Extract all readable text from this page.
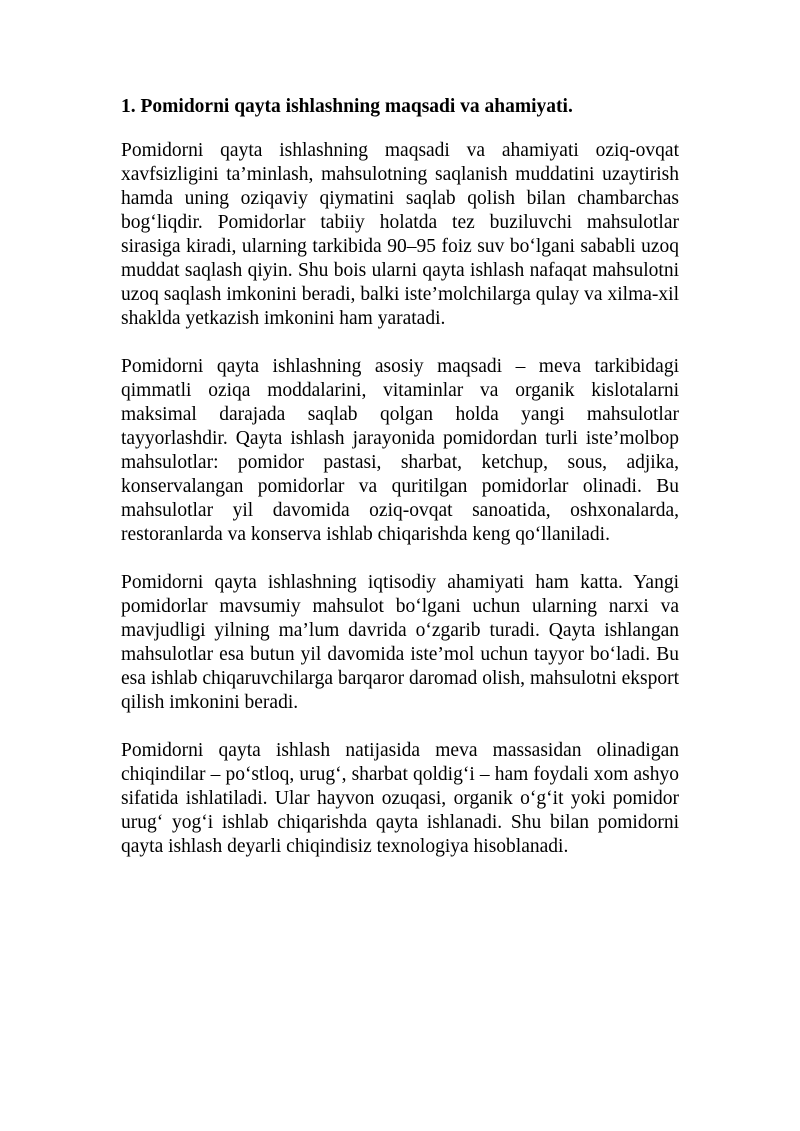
1. Pomidorni qayta ishlashning maqsadi va ahamiyati.

Pomidorni qayta ishlashning maqsadi va ahamiyati oziq-ovqat xavfsizligini ta’minlash, mahsulotning saqlanish muddatini uzaytirish hamda uning oziqaviy qiymatini saqlab qolish bilan chambarchas bog‘liqdir. Pomidorlar tabiiy holatda tez buziluvchi mahsulotlar sirasiga kiradi, ularning tarkibida 90–95 foiz suv bo‘lgani sababli uzoq muddat saqlash qiyin. Shu bois ularni qayta ishlash nafaqat mahsulotni uzoq saqlash imkonini beradi, balki iste’molchilarga qulay va xilma-xil shaklda yetkazish imkonini ham yaratadi.

Pomidorni qayta ishlashning asosiy maqsadi – meva tarkibidagi qimmatli oziqa moddalarini, vitaminlar va organik kislotalarni maksimal darajada saqlab qolgan holda yangi mahsulotlar tayyorlashdir. Qayta ishlash jarayonida pomidordan turli iste’molbop mahsulotlar: pomidor pastasi, sharbat, ketchup, sous, adjika, konservalangan pomidorlar va quritilgan pomidorlar olinadi. Bu mahsulotlar yil davomida oziq-ovqat sanoatida, oshxonalarda, restoranlarda va konserva ishlab chiqarishda keng qo‘llaniladi.

Pomidorni qayta ishlashning iqtisodiy ahamiyati ham katta. Yangi pomidorlar mavsumiy mahsulot bo‘lgani uchun ularning narxi va mavjudligi yilning ma’lum davrida o‘zgarib turadi. Qayta ishlangan mahsulotlar esa butun yil davomida iste’mol uchun tayyor bo‘ladi. Bu esa ishlab chiqaruvchilarga barqaror daromad olish, mahsulotni eksport qilish imkonini beradi.

Pomidorni qayta ishlash natijasida meva massasidan olinadigan chiqindilar – po‘stloq, urug‘, sharbat qoldig‘i – ham foydali xom ashyo sifatida ishlatiladi. Ular hayvon ozuqasi, organik o‘g‘it yoki pomidor urug‘ yog‘i ishlab chiqarishda qayta ishlanadi. Shu bilan pomidorni qayta ishlash deyarli chiqindisiz texnologiya hisoblanadi.
